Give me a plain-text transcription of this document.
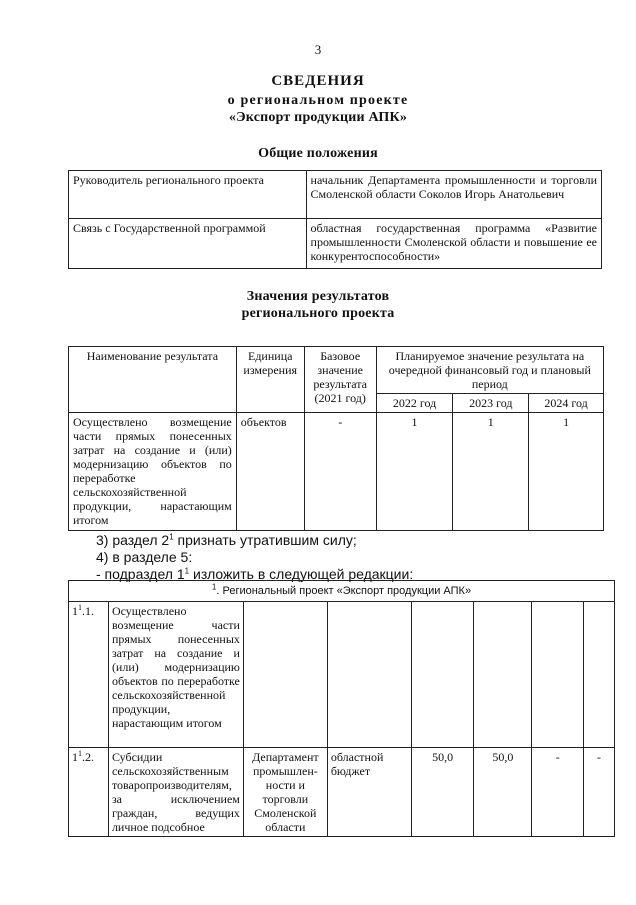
3
СВЕДЕНИЯ
о региональном проекте
«Экспорт продукции АПК»
Общие положения
Руководитель регионального проекта	начальник Департамента промышленности и торговли Смоленской области Соколов Игорь Анатольевич
Связь с Государственной программой	областная государственная программа «Развитие промышленности Смоленской области и повышение ее конкурентоспособности»
Значения результатов
регионального проекта
Наименование результата	Единица измерения	Базовое значение результата (2021 год)	Планируемое значение результата на очередной финансовый год и плановый период		
			2022 год	2023 год	2024 год
Осуществлено возмещение части прямых понесенных затрат на создание и (или) модернизацию объектов по переработке сельскохозяйственной продукции, нарастающим итогом	объектов	-	1	1	1
3) раздел $2^1$ признать утратившим силу;
4) в разделе 5:
- подраздел $1^1$ изложить в следующей редакции:
$^1$. Региональный проект «Экспорт продукции АПК»							
$1^1.1$.	Осуществлено возмещение части прямых понесенных затрат на создание и (или) модернизацию объектов по переработке сельскохозяйственной продукции, нарастающим итогом						
$1^1.2$.	Субсидии сельскохозяйственным товаропроизводителям, за исключением граждан, ведущих личное подсобное	Департамент промышлен-ности и торговли Смоленской области	областной бюджет	50,0	50,0	-	-
